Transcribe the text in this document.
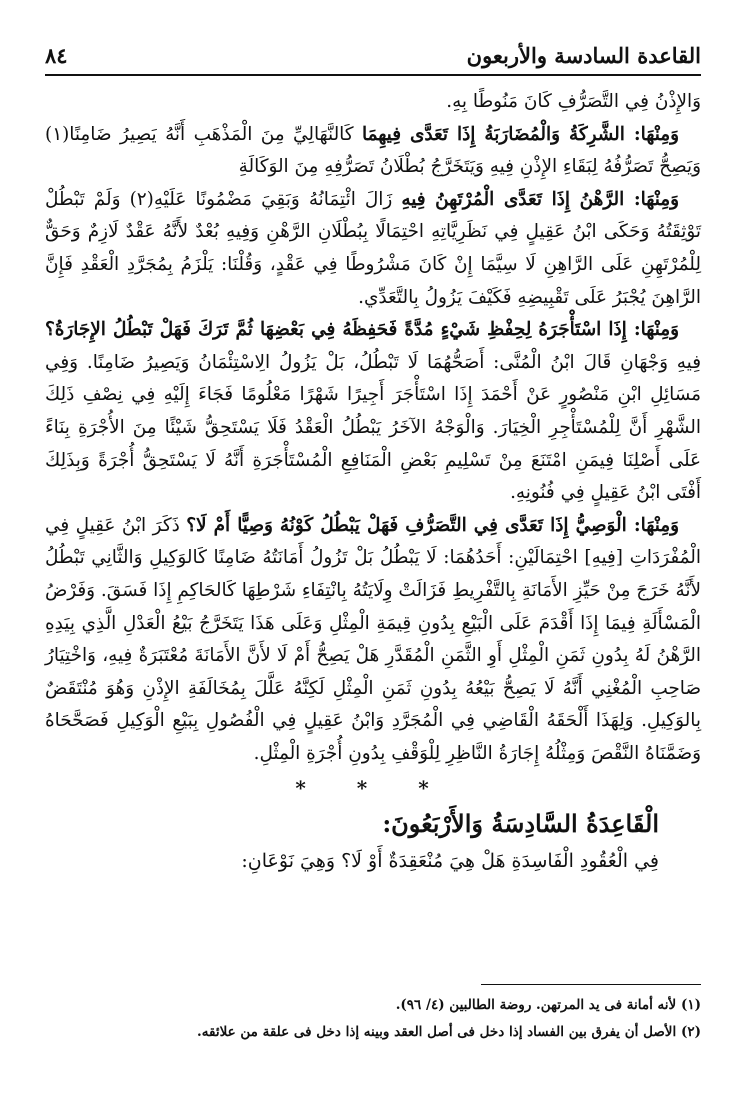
القاعدة السادسة والأربعون
٨٤

وَالإِذْنُ فِي التَّصَرُّفِ كَانَ مَنُوطًا بِهِ.

وَمِنْهَا: الشَّرِكَةُ وَالْمُضَارَبَةُ إِذَا تَعَدَّى فِيهِمَا كَالنَّهَالِيِّ مِنَ الْمَذْهَبِ أَنَّهُ يَصِيرُ ضَامِنًا(١) وَيَصِحُّ تَصَرُّفُهُ لِبَقَاءِ الإِذْنِ فِيهِ وَيَتَخَرَّجُ بُطْلَانُ تَصَرُّفِهِ مِنَ الوَكَالَةِ

وَمِنْهَا: الرَّهْنُ إِذَا تَعَدَّى الْمُرْتَهِنُ فِيهِ زَالَ ائْتِمَانُهُ وَبَقِيَ مَضْمُونًا عَلَيْهِ(٢) وَلَمْ تَبْطُلْ تَوْثِقَتُهُ وَحَكَى ابْنُ عَقِيلٍ فِي نَظَرِيَّاتِهِ احْتِمَالًا بِبُطْلَانِ الرَّهْنِ وَفِيهِ بُعْدٌ لأَنَّهُ عَقْدٌ لَازِمٌ وَحَقٌّ لِلْمُرْتَهِنِ عَلَى الرَّاهِنِ لَا سِيَّمَا إِنْ كَانَ مَشْرُوطًا فِي عَقْدٍ، وَقُلْنَا: يَلْزَمُ بِمُجَرَّدِ الْعَقْدِ فَإِنَّ الرَّاهِنَ يُجْبَرُ عَلَى تَقْبِيضِهِ فَكَيْفَ يَزُولُ بِالتَّعَدِّي.

وَمِنْهَا: إِذَا اسْتَأْجَرَهُ لِحِفْظِ شَيْءٍ مُدَّةً فَحَفِظَهُ فِي بَعْضِهَا ثُمَّ تَرَكَ فَهَلْ تَبْطُلُ الإِجَارَةُ؟ فِيهِ وَجْهَانِ قَالَ ابْنُ الْمُنَّى: أَصَحُّهُمَا لَا تَبْطُلُ، بَلْ يَزُولُ الِاسْتِئْمَانُ وَيَصِيرُ ضَامِنًا. وَفِي مَسَائِلِ ابْنِ مَنْصُورٍ عَنْ أَحْمَدَ إِذَا اسْتَأْجَرَ أَجِيرًا شَهْرًا مَعْلُومًا فَجَاءَ إِلَيْهِ فِي نِصْفِ ذَلِكَ الشَّهْرِ أَنَّ لِلْمُسْتَأْجِرِ الْخِيَارَ. وَالْوَجْهُ الآخَرُ يَبْطُلُ الْعَقْدُ فَلَا يَسْتَحِقُّ شَيْئًا مِنَ الأُجْرَةِ بِنَاءً عَلَى أَصْلِنَا فِيمَنِ امْتَنَعَ مِنْ تَسْلِيمِ بَعْضِ الْمَنَافِعِ الْمُسْتَأْجَرَةِ أَنَّهُ لَا يَسْتَحِقُّ أُجْرَةً وَبِذَلِكَ أَفْتَى ابْنُ عَقِيلٍ فِي فُنُونِهِ.

وَمِنْهَا: الْوَصِيُّ إِذَا تَعَدَّى فِي التَّصَرُّفِ فَهَلْ يَبْطُلُ كَوْنُهُ وَصِيًّا أَمْ لَا؟ ذَكَرَ ابْنُ عَقِيلٍ فِي الْمُفْرَدَاتِ [فِيهِ] احْتِمَالَيْنِ: أَحَدُهُمَا: لَا يَبْطُلُ بَلْ تَزُولُ أَمَانَتُهُ ضَامِنًا كَالوَكِيلِ وَالثَّانِي تَبْطُلُ لأَنَّهُ خَرَجَ مِنْ حَيِّزِ الأَمَانَةِ بِالتَّفْرِيطِ فَزَالَتْ وِلَايَتُهُ بِانْتِفَاءِ شَرْطِهَا كَالحَاكِمِ إِذَا فَسَقَ. وَفَرْضُ الْمَسْأَلَةِ فِيمَا إِذَا أَقْدَمَ عَلَى الْبَيْعِ بِدُونِ قِيمَةِ الْمِثْلِ وَعَلَى هَذَا يَتَخَرَّجُ بَيْعُ الْعَدْلِ الَّذِي بِيَدِهِ الرَّهْنُ لَهُ بِدُونِ ثَمَنِ الْمِثْلِ أَوِ الثَّمَنِ الْمُقَدَّرِ هَلْ يَصِحُّ أَمْ لَا لأَنَّ الأَمَانَةَ مُعْتَبَرَةٌ فِيهِ، وَاخْتِيَارُ صَاحِبِ الْمُغْنِي أَنَّهُ لَا يَصِحُّ بَيْعُهُ بِدُونِ ثَمَنِ الْمِثْلِ لَكِنَّهُ عَلَّلَ بِمُخَالَفَةِ الإِذْنِ وَهُوَ مُنْتَقَضٌ بِالوَكِيلِ. وَلِهَذَا أَلْحَقَهُ الْقَاضِي فِي الْمُجَرَّدِ وَابْنُ عَقِيلٍ فِي الْفُصُولِ بِبَيْعِ الْوَكِيلِ فَصَحَّحَاهُ وَضَمَّنَاهُ النَّقْصَ وَمِثْلُهُ إِجَارَةُ النَّاظِرِ لِلْوَقْفِ بِدُونِ أُجْرَةِ الْمِثْلِ.

* * *
الْقَاعِدَةُ السَّادِسَةُ وَالأَرْبَعُونَ:
فِي الْعُقُودِ الْفَاسِدَةِ هَلْ هِيَ مُنْعَقِدَةٌ أَوْ لَا؟ وَهِيَ نَوْعَانِ:

(١) لأنه أمانة فى يد المرتهن. روضة الطالبين (٤/ ٩٦).

(٢) الأصل أن يفرق بين الفساد إذا دخل فى أصل العقد وبينه إذا دخل فى علقة من علائقه.
